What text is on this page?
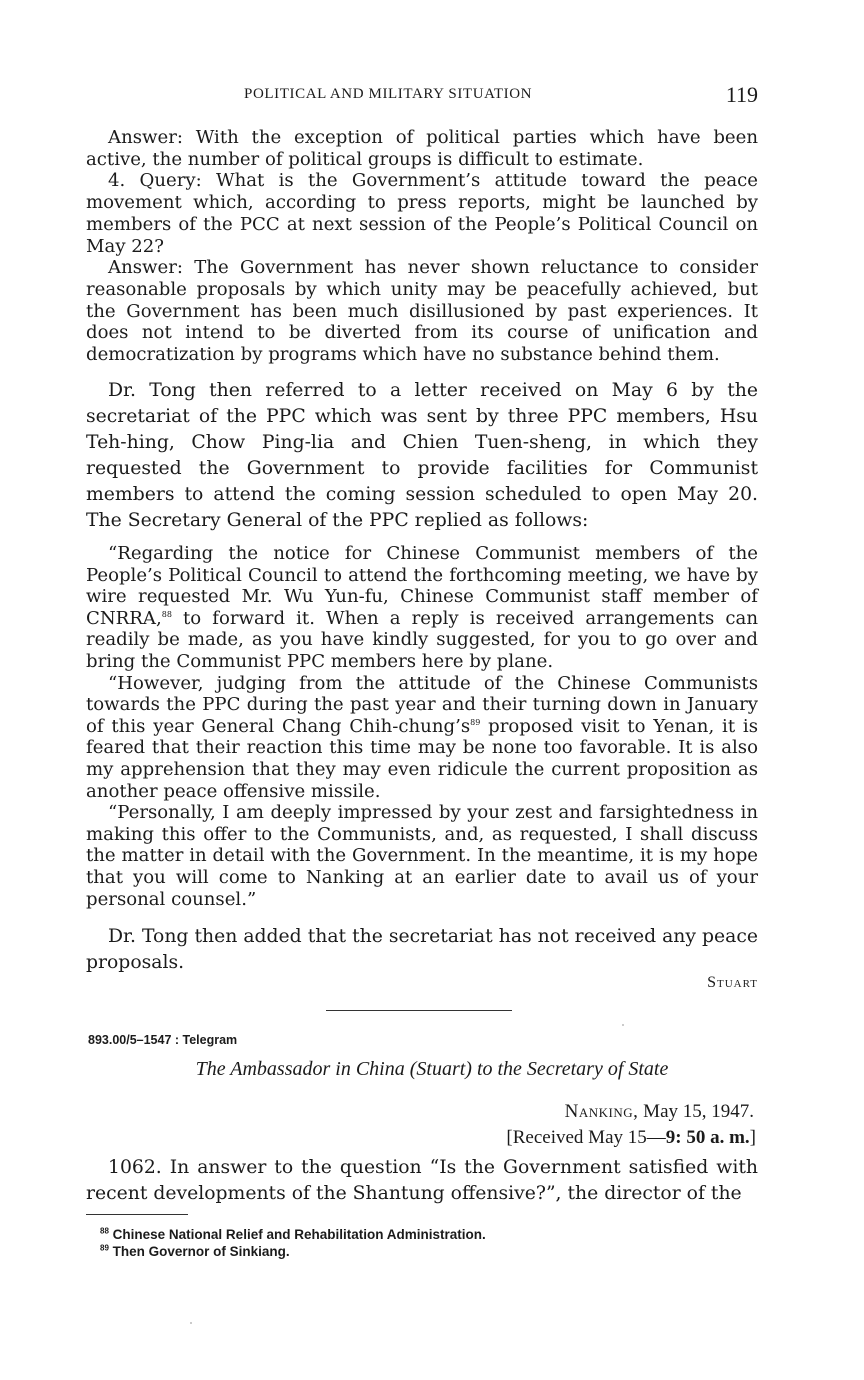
POLITICAL AND MILITARY SITUATION	119

Answer: With the exception of political parties which have been active, the number of political groups is difficult to estimate.

4. Query: What is the Government’s attitude toward the peace movement which, according to press reports, might be launched by members of the PCC at next session of the People’s Political Council on May 22?

Answer: The Government has never shown reluctance to consider reasonable proposals by which unity may be peacefully achieved, but the Government has been much disillusioned by past experiences. It does not intend to be diverted from its course of unification and democratization by programs which have no substance behind them.

Dr. Tong then referred to a letter received on May 6 by the secretariat of the PPC which was sent by three PPC members, Hsu Teh-hing, Chow Ping-lia and Chien Tuen-sheng, in which they requested the Government to provide facilities for Communist members to attend the coming session scheduled to open May 20. The Secretary General of the PPC replied as follows:

“Regarding the notice for Chinese Communist members of the People’s Political Council to attend the forthcoming meeting, we have by wire requested Mr. Wu Yun-fu, Chinese Communist staff member of CNRRA,$^{88}$ to forward it. When a reply is received arrangements can readily be made, as you have kindly suggested, for you to go over and bring the Communist PPC members here by plane.

“However, judging from the attitude of the Chinese Communists towards the PPC during the past year and their turning down in January of this year General Chang Chih-chung’s$^{89}$ proposed visit to Yenan, it is feared that their reaction this time may be none too favorable. It is also my apprehension that they may even ridicule the current proposition as another peace offensive missile.

“Personally, I am deeply impressed by your zest and farsightedness in making this offer to the Communists, and, as requested, I shall discuss the matter in detail with the Government. In the meantime, it is my hope that you will come to Nanking at an earlier date to avail us of your personal counsel.”

Dr. Tong then added that the secretariat has not received any peace proposals.

Stuart
893.00/5–1547 : Telegram
The Ambassador in China (Stuart) to the Secretary of State
Nanking, May 15, 1947.
[Received May 15—9: 50 a. m.]

1062. In answer to the question “Is the Government satisfied with recent developments of the Shantung offensive?”, the director of the

$^{88}$ Chinese National Relief and Rehabilitation Administration.
$^{89}$ Then Governor of Sinkiang.
